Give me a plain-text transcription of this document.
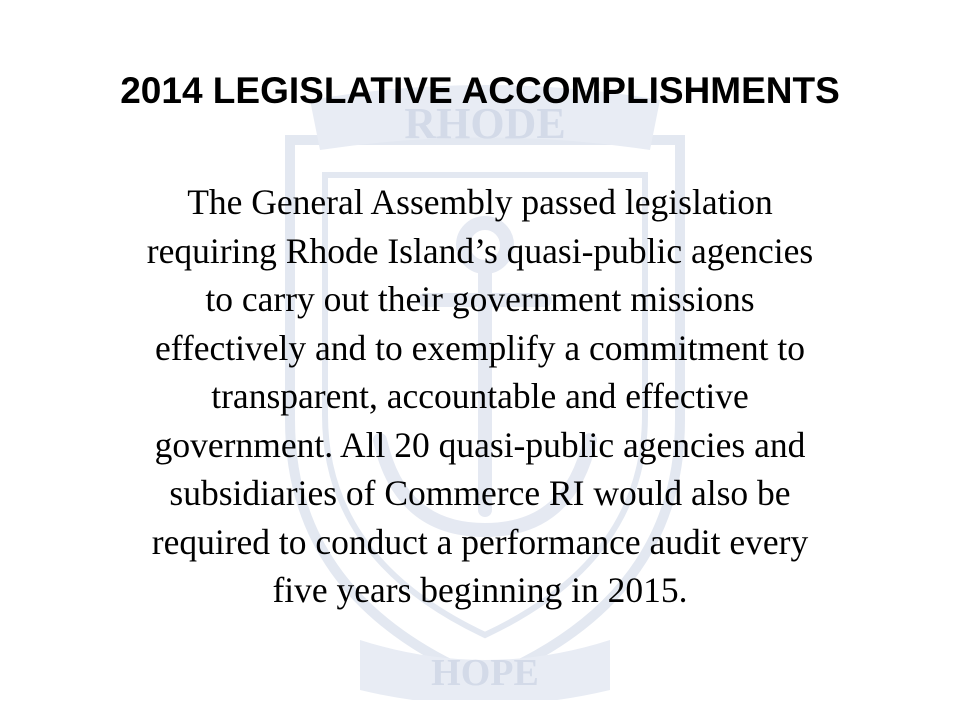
RHODE
HOPE
2014 LEGISLATIVE ACCOMPLISHMENTS
The General Assembly passed legislation
requiring Rhode Island’s quasi-public agencies
to carry out their government missions
effectively and to exemplify a commitment to
transparent, accountable and effective
government. All 20 quasi-public agencies and
subsidiaries of Commerce RI would also be
required to conduct a performance audit every
five years beginning in 2015.
